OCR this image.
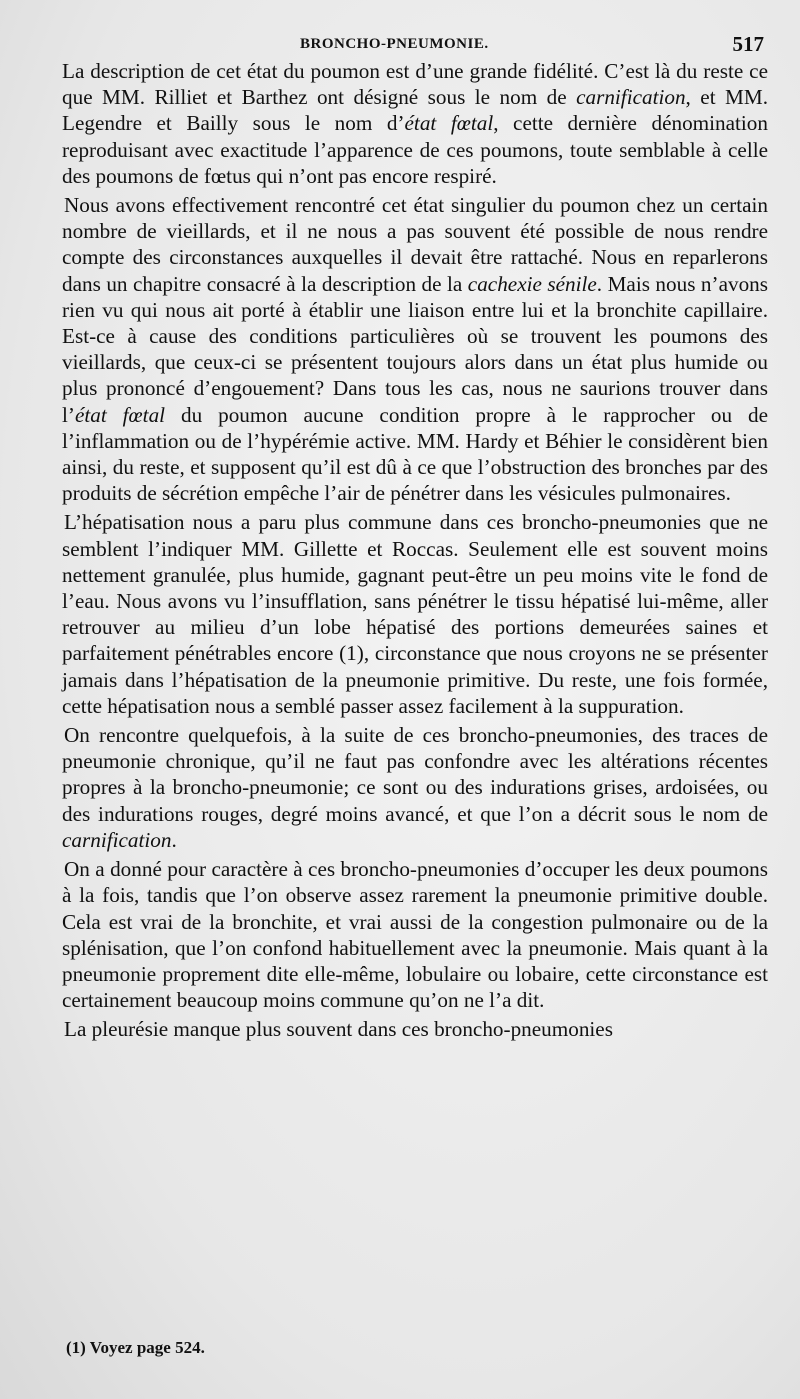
BRONCHO-PNEUMONIE.	517

La description de cet état du poumon est d’une grande fidélité. C’est là du reste ce que MM. Rilliet et Barthez ont désigné sous le nom de carnification, et MM. Legendre et Bailly sous le nom d’état fœtal, cette dernière dénomination reproduisant avec exactitude l’apparence de ces poumons, toute semblable à celle des poumons de fœtus qui n’ont pas encore respiré.

Nous avons effectivement rencontré cet état singulier du poumon chez un certain nombre de vieillards, et il ne nous a pas souvent été possible de nous rendre compte des circonstances auxquelles il devait être rattaché. Nous en reparlerons dans un chapitre consacré à la description de la cachexie sénile. Mais nous n’avons rien vu qui nous ait porté à établir une liaison entre lui et la bronchite capillaire. Est-ce à cause des conditions particulières où se trouvent les poumons des vieillards, que ceux-ci se présentent toujours alors dans un état plus humide ou plus prononcé d’engouement? Dans tous les cas, nous ne saurions trouver dans l’état fœtal du poumon aucune condition propre à le rapprocher ou de l’inflammation ou de l’hypérémie active. MM. Hardy et Béhier le considèrent bien ainsi, du reste, et supposent qu’il est dû à ce que l’obstruction des bronches par des produits de sécrétion empêche l’air de pénétrer dans les vésicules pulmonaires.

L’hépatisation nous a paru plus commune dans ces broncho-pneumonies que ne semblent l’indiquer MM. Gillette et Roccas. Seulement elle est souvent moins nettement granulée, plus humide, gagnant peut-être un peu moins vite le fond de l’eau. Nous avons vu l’insufflation, sans pénétrer le tissu hépatisé lui-même, aller retrouver au milieu d’un lobe hépatisé des portions demeurées saines et parfaitement pénétrables encore (1), circonstance que nous croyons ne se présenter jamais dans l’hépatisation de la pneumonie primitive. Du reste, une fois formée, cette hépatisation nous a semblé passer assez facilement à la suppuration.

On rencontre quelquefois, à la suite de ces broncho-pneumonies, des traces de pneumonie chronique, qu’il ne faut pas confondre avec les altérations récentes propres à la broncho-pneumonie; ce sont ou des indurations grises, ardoisées, ou des indurations rouges, degré moins avancé, et que l’on a décrit sous le nom de carnification.

On a donné pour caractère à ces broncho-pneumonies d’occuper les deux poumons à la fois, tandis que l’on observe assez rarement la pneumonie primitive double. Cela est vrai de la bronchite, et vrai aussi de la congestion pulmonaire ou de la splénisation, que l’on confond habituellement avec la pneumonie. Mais quant à la pneumonie proprement dite elle-même, lobulaire ou lobaire, cette circonstance est certainement beaucoup moins commune qu’on ne l’a dit.

La pleurésie manque plus souvent dans ces broncho-pneumonies

(1) Voyez page 524.
